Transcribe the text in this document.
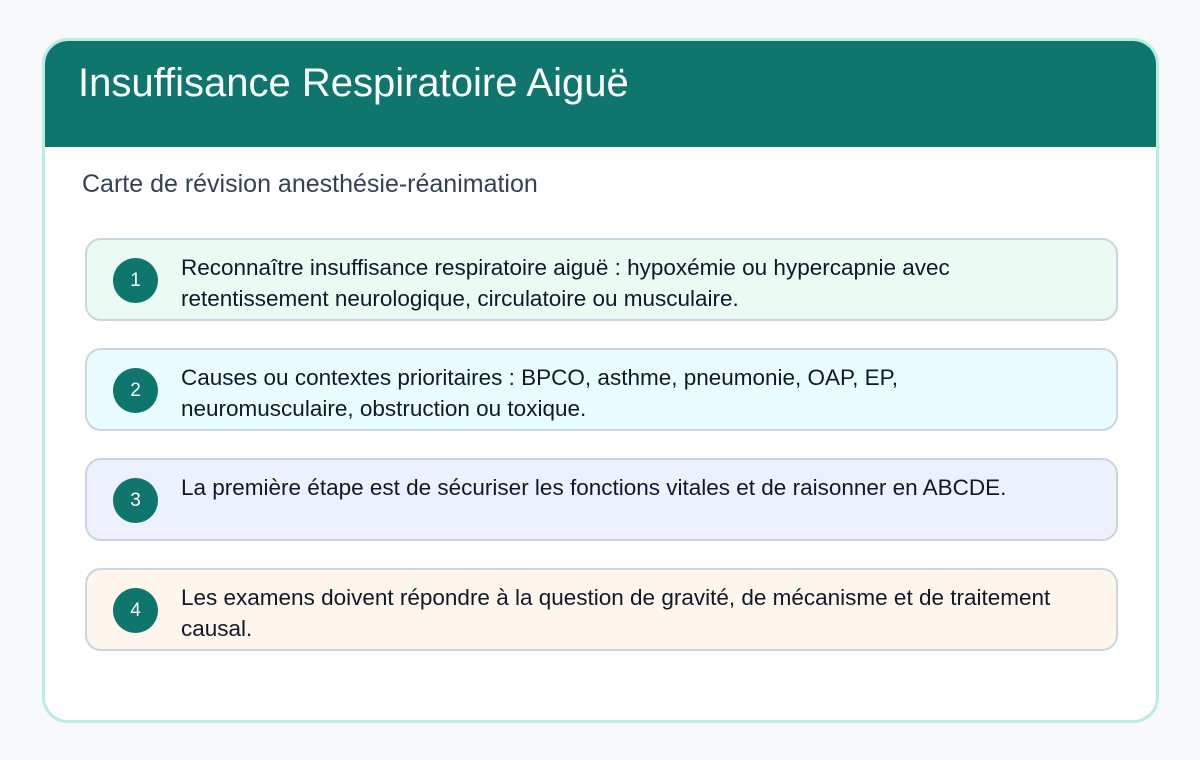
Insuffisance Respiratoire Aiguë
Carte de révision anesthésie-réanimation
1
Reconnaître insuffisance respiratoire aiguë : hypoxémie ou hypercapnie avec retentissement neurologique, circulatoire ou musculaire.
2
Causes ou contextes prioritaires : BPCO, asthme, pneumonie, OAP, EP, neuromusculaire, obstruction ou toxique.
3
La première étape est de sécuriser les fonctions vitales et de raisonner en ABCDE.
4
Les examens doivent répondre à la question de gravité, de mécanisme et de traitement causal.
